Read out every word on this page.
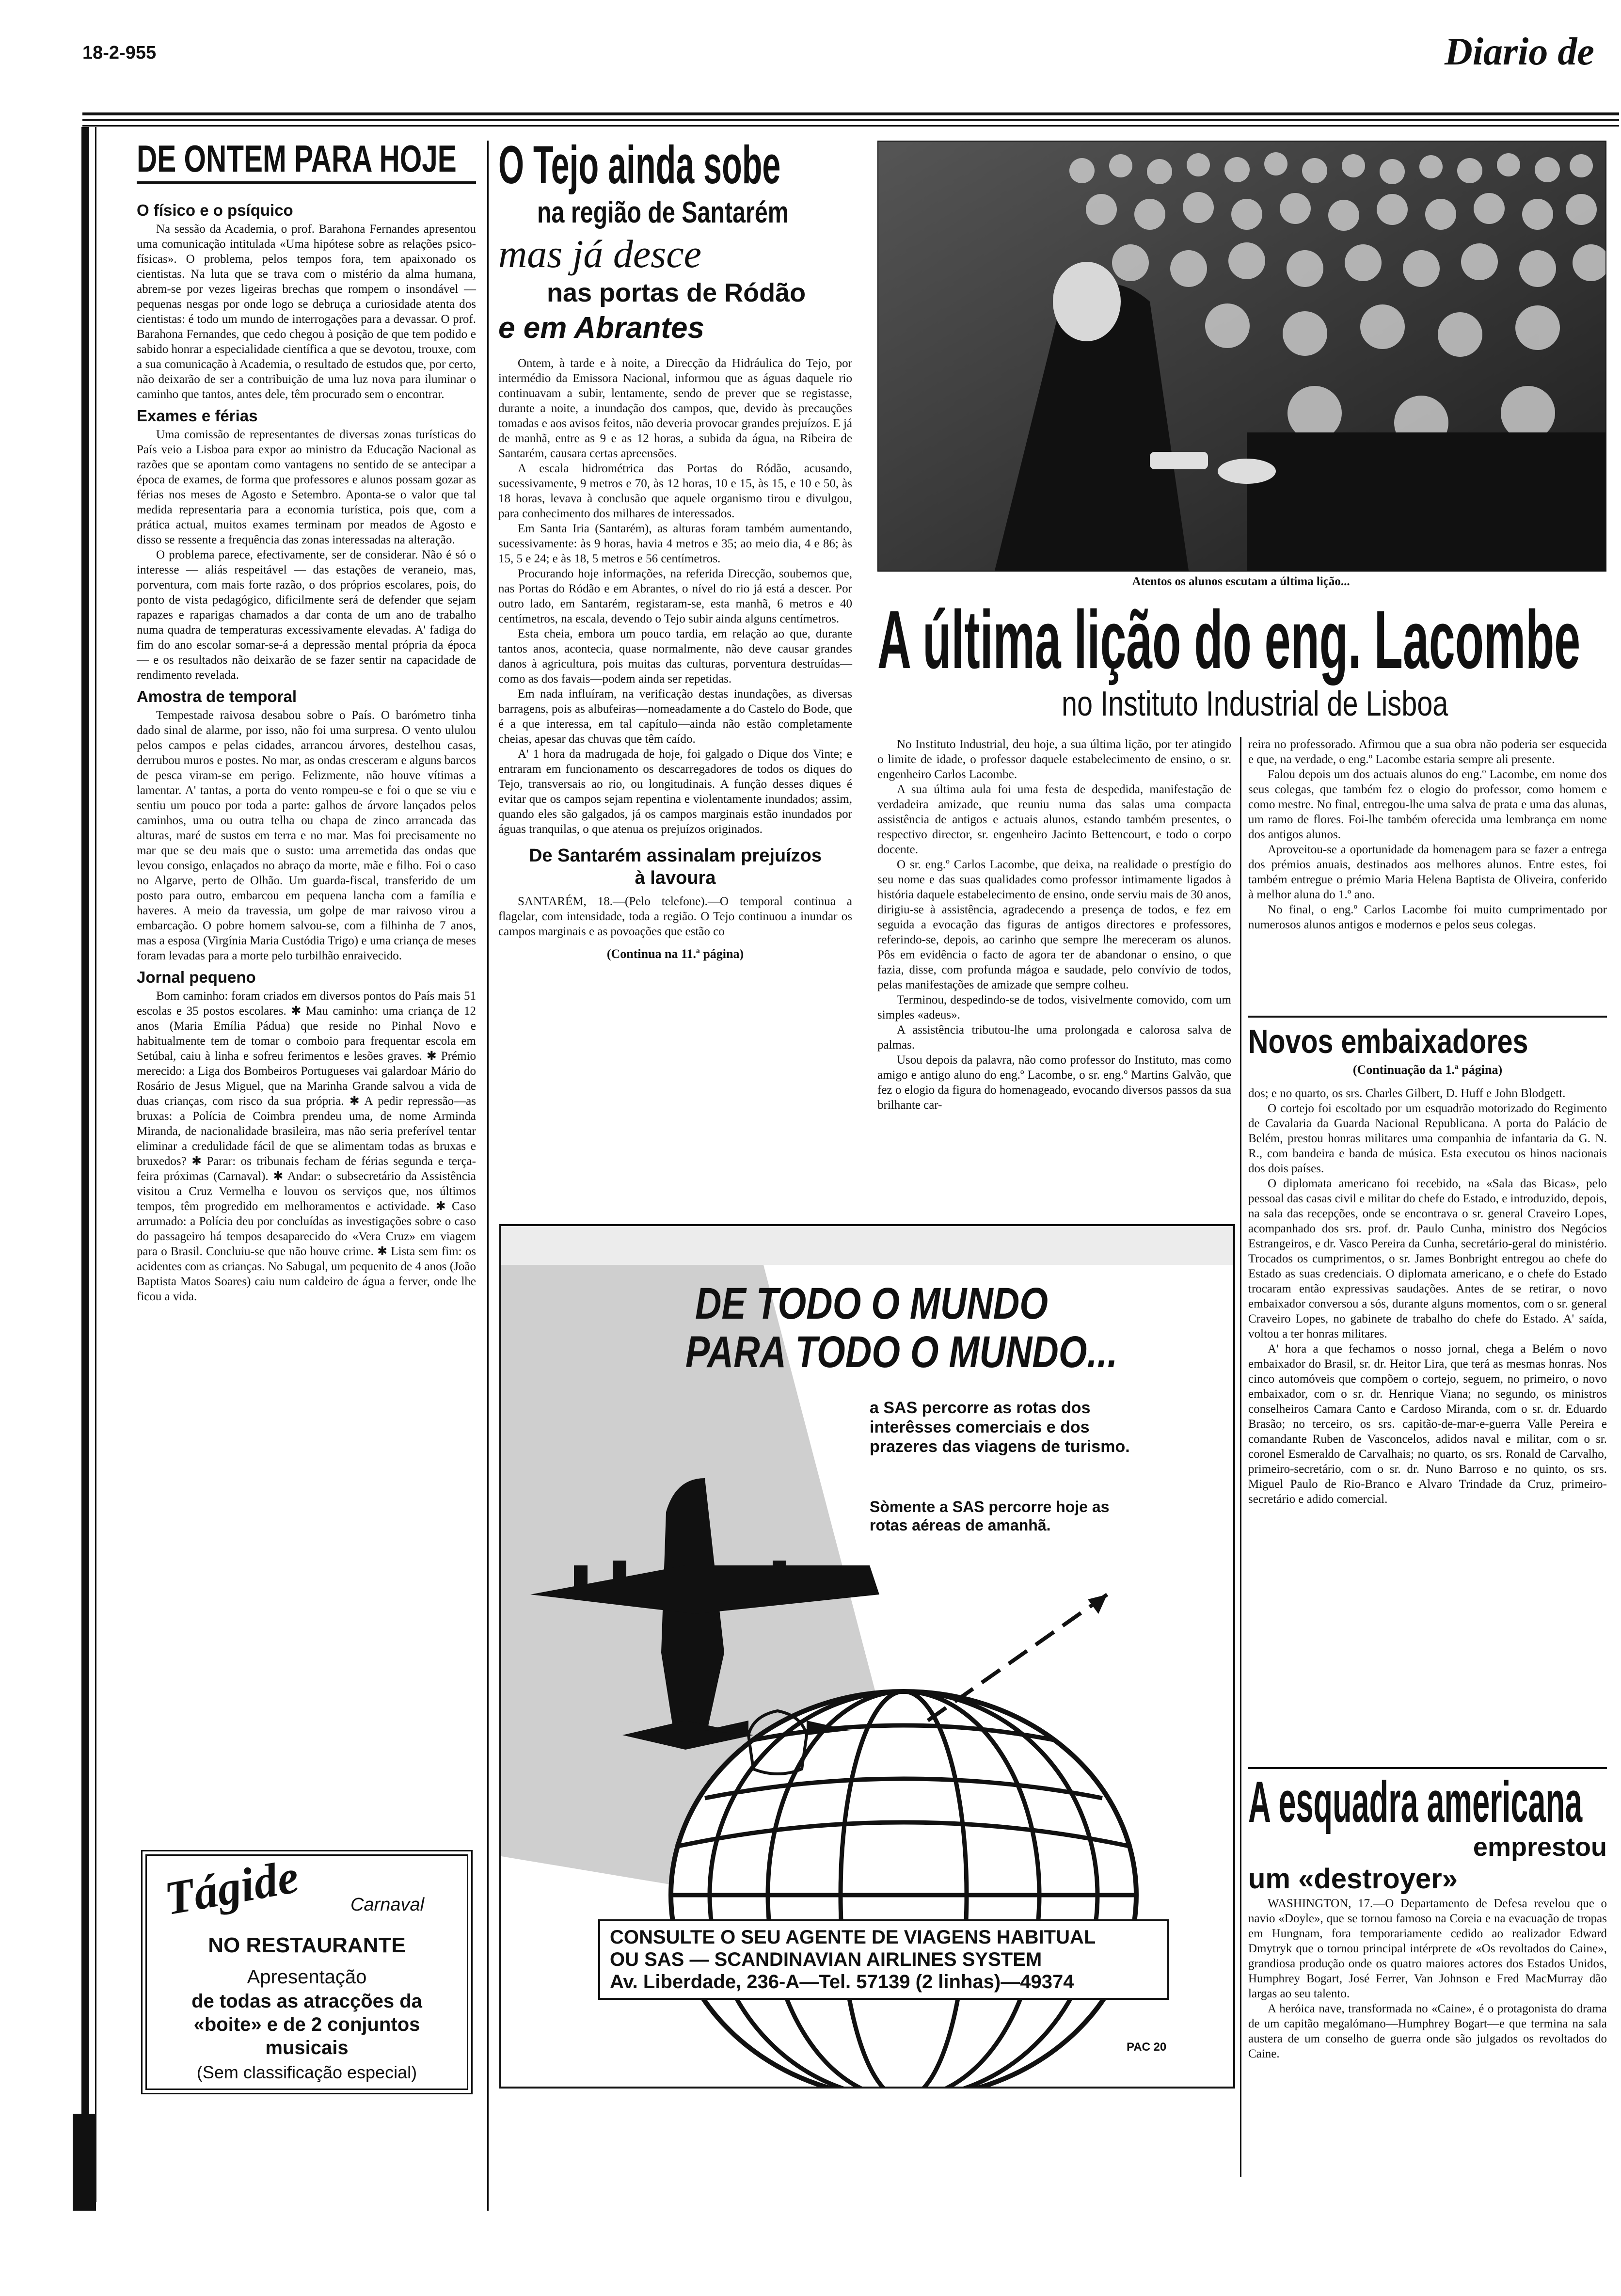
18-2-955	Diario de
DE ONTEM PARA HOJE
O físico e o psíquico

Na sessão da Academia, o prof. Barahona Fernandes apresentou uma comunicação intitulada «Uma hipótese sobre as relações psico-físicas». O problema, pelos tempos fora, tem apaixonado os cientistas. Na luta que se trava com o mistério da alma humana, abrem-se por vezes ligeiras brechas que rompem o insondável — pequenas nesgas por onde logo se debruça a curiosidade atenta dos cientistas: é todo um mundo de interrogações para a devassar. O prof. Barahona Fernandes, que cedo chegou à posição de que tem podido e sabido honrar a especialidade científica a que se devotou, trouxe, com a sua comunicação à Academia, o resultado de estudos que, por certo, não deixarão de ser a contribuição de uma luz nova para iluminar o caminho que tantos, antes dele, têm procurado sem o encontrar.

Exames e férias

Uma comissão de representantes de diversas zonas turísticas do País veio a Lisboa para expor ao ministro da Educação Nacional as razões que se apontam como vantagens no sentido de se antecipar a época de exames, de forma que professores e alunos possam gozar as férias nos meses de Agosto e Setembro. Aponta-se o valor que tal medida representaria para a economia turística, pois que, com a prática actual, muitos exames terminam por meados de Agosto e disso se ressente a frequência das zonas interessadas na alteração.

O problema parece, efectivamente, ser de considerar. Não é só o interesse — aliás respeitável — das estações de veraneio, mas, porventura, com mais forte razão, o dos próprios escolares, pois, do ponto de vista pedagógico, dificilmente será de defender que sejam rapazes e raparigas chamados a dar conta de um ano de trabalho numa quadra de temperaturas excessivamente elevadas. A' fadiga do fim do ano escolar somar-se-á a depressão mental própria da época — e os resultados não deixarão de se fazer sentir na capacidade de rendimento revelada.

Amostra de temporal

Tempestade raivosa desabou sobre o País. O barómetro tinha dado sinal de alarme, por isso, não foi uma surpresa. O vento ululou pelos campos e pelas cidades, arrancou árvores, destelhou casas, derrubou muros e postes. No mar, as ondas cresceram e alguns barcos de pesca viram-se em perigo. Felizmente, não houve vítimas a lamentar. A' tantas, a porta do vento rompeu-se e foi o que se viu e sentiu um pouco por toda a parte: galhos de árvore lançados pelos caminhos, uma ou outra telha ou chapa de zinco arrancada das alturas, maré de sustos em terra e no mar. Mas foi precisamente no mar que se deu mais que o susto: uma arremetida das ondas que levou consigo, enlaçados no abraço da morte, mãe e filho. Foi o caso no Algarve, perto de Olhão. Um guarda-fiscal, transferido de um posto para outro, embarcou em pequena lancha com a família e haveres. A meio da travessia, um golpe de mar raivoso virou a embarcação. O pobre homem salvou-se, com a filhinha de 7 anos, mas a esposa (Virgínia Maria Custódia Trigo) e uma criança de meses foram levadas para a morte pelo turbilhão enraivecido.

Jornal pequeno

Bom caminho: foram criados em diversos pontos do País mais 51 escolas e 35 postos escolares. ✱ Mau caminho: uma criança de 12 anos (Maria Emília Pádua) que reside no Pinhal Novo e habitualmente tem de tomar o comboio para frequentar escola em Setúbal, caiu à linha e sofreu ferimentos e lesões graves. ✱ Prémio merecido: a Liga dos Bombeiros Portugueses vai galardoar Mário do Rosário de Jesus Miguel, que na Marinha Grande salvou a vida de duas crianças, com risco da sua própria. ✱ A pedir repressão—as bruxas: a Polícia de Coimbra prendeu uma, de nome Arminda Miranda, de nacionalidade brasileira, mas não seria preferível tentar eliminar a credulidade fácil de que se alimentam todas as bruxas e bruxedos? ✱ Parar: os tribunais fecham de férias segunda e terça-feira próximas (Carnaval). ✱ Andar: o subsecretário da Assistência visitou a Cruz Vermelha e louvou os serviços que, nos últimos tempos, têm progredido em melhoramentos e actividade. ✱ Caso arrumado: a Polícia deu por concluídas as investigações sobre o caso do passageiro há tempos desaparecido do «Vera Cruz» em viagem para o Brasil. Concluiu-se que não houve crime. ✱ Lista sem fim: os acidentes com as crianças. No Sabugal, um pequenito de 4 anos (João Baptista Matos Soares) caiu num caldeiro de água a ferver, onde lhe ficou a vida.

Tágide	Carnaval
NO RESTAURANTE
Apresentação
de todas as atracções da
«boite» e de 2 conjuntos
musicais
(Sem classificação especial)
O Tejo ainda sobe
na região de Santarém
mas já desce
nas portas de Ródão
e em Abrantes

Ontem, à tarde e à noite, a Direcção da Hidráulica do Tejo, por intermédio da Emissora Nacional, informou que as águas daquele rio continuavam a subir, lentamente, sendo de prever que se registasse, durante a noite, a inundação dos campos, que, devido às precauções tomadas e aos avisos feitos, não deveria provocar grandes prejuízos. E já de manhã, entre as 9 e as 12 horas, a subida da água, na Ribeira de Santarém, causara certas apreensões.

A escala hidrométrica das Portas do Ródão, acusando, sucessivamente, 9 metros e 70, às 12 horas, 10 e 15, às 15, e 10 e 50, às 18 horas, levava à conclusão que aquele organismo tirou e divulgou, para conhecimento dos milhares de interessados.

Em Santa Iria (Santarém), as alturas foram também aumentando, sucessivamente: às 9 horas, havia 4 metros e 35; ao meio dia, 4 e 86; às 15, 5 e 24; e às 18, 5 metros e 56 centímetros.

Procurando hoje informações, na referida Direcção, soubemos que, nas Portas do Ródão e em Abrantes, o nível do rio já está a descer. Por outro lado, em Santarém, registaram-se, esta manhã, 6 metros e 40 centímetros, na escala, devendo o Tejo subir ainda alguns centímetros.

Esta cheia, embora um pouco tardia, em relação ao que, durante tantos anos, acontecia, quase normalmente, não deve causar grandes danos à agricultura, pois muitas das culturas, porventura destruídas—como as dos favais—podem ainda ser repetidas.

Em nada influíram, na verificação destas inundações, as diversas barragens, pois as albufeiras—nomeadamente a do Castelo do Bode, que é a que interessa, em tal capítulo—ainda não estão completamente cheias, apesar das chuvas que têm caído.

A' 1 hora da madrugada de hoje, foi galgado o Dique dos Vinte; e entraram em funcionamento os descarregadores de todos os diques do Tejo, transversais ao rio, ou longitudinais. A função desses diques é evitar que os campos sejam repentina e violentamente inundados; assim, quando eles são galgados, já os campos marginais estão inundados por águas tranquilas, o que atenua os prejuízos originados.

De Santarém assinalam prejuízos à lavoura

SANTARÉM, 18.—(Pelo telefone).—O temporal continua a flagelar, com intensidade, toda a região. O Tejo continuou a inundar os campos marginais e as povoações que estão co

(Continua na 11.ª página)
Atentos os alunos escutam a última lição...
A última lição do eng. Lacombe
no Instituto Industrial de Lisboa

No Instituto Industrial, deu hoje, a sua última lição, por ter atingido o limite de idade, o professor daquele estabelecimento de ensino, o sr. engenheiro Carlos Lacombe.

A sua última aula foi uma festa de despedida, manifestação de verdadeira amizade, que reuniu numa das salas uma compacta assistência de antigos e actuais alunos, estando também presentes, o respectivo director, sr. engenheiro Jacinto Bettencourt, e todo o corpo docente.

O sr. eng.º Carlos Lacombe, que deixa, na realidade o prestígio do seu nome e das suas qualidades como professor intimamente ligados à história daquele estabelecimento de ensino, onde serviu mais de 30 anos, dirigiu-se à assistência, agradecendo a presença de todos, e fez em seguida a evocação das figuras de antigos directores e professores, referindo-se, depois, ao carinho que sempre lhe mereceram os alunos. Pôs em evidência o facto de agora ter de abandonar o ensino, o que fazia, disse, com profunda mágoa e saudade, pelo convívio de todos, pelas manifestações de amizade que sempre colheu.

Terminou, despedindo-se de todos, visivelmente comovido, com um simples «adeus».

A assistência tributou-lhe uma prolongada e calorosa salva de palmas.

Usou depois da palavra, não como professor do Instituto, mas como amigo e antigo aluno do eng.º Lacombe, o sr. eng.º Martins Galvão, que fez o elogio da figura do homenageado, evocando diversos passos da sua brilhante car-

reira no professorado. Afirmou que a sua obra não poderia ser esquecida e que, na verdade, o eng.º Lacombe estaria sempre ali presente.

Falou depois um dos actuais alunos do eng.º Lacombe, em nome dos seus colegas, que também fez o elogio do professor, como homem e como mestre. No final, entregou-lhe uma salva de prata e uma das alunas, um ramo de flores. Foi-lhe também oferecida uma lembrança em nome dos antigos alunos.

Aproveitou-se a oportunidade da homenagem para se fazer a entrega dos prémios anuais, destinados aos melhores alunos. Entre estes, foi também entregue o prémio Maria Helena Baptista de Oliveira, conferido à melhor aluna do 1.º ano.

No final, o eng.º Carlos Lacombe foi muito cumprimentado por numerosos alunos antigos e modernos e pelos seus colegas.

Novos embaixadores
(Continuação da 1.ª página)

dos; e no quarto, os srs. Charles Gilbert, D. Huff e John Blodgett.

O cortejo foi escoltado por um esquadrão motorizado do Regimento de Cavalaria da Guarda Nacional Republicana. A porta do Palácio de Belém, prestou honras militares uma companhia de infantaria da G. N. R., com bandeira e banda de música. Esta executou os hinos nacionais dos dois países.

O diplomata americano foi recebido, na «Sala das Bicas», pelo pessoal das casas civil e militar do chefe do Estado, e introduzido, depois, na sala das recepções, onde se encontrava o sr. general Craveiro Lopes, acompanhado dos srs. prof. dr. Paulo Cunha, ministro dos Negócios Estrangeiros, e dr. Vasco Pereira da Cunha, secretário-geral do ministério. Trocados os cumprimentos, o sr. James Bonbright entregou ao chefe do Estado as suas credenciais. O diplomata americano, e o chefe do Estado trocaram então expressivas saudações. Antes de se retirar, o novo embaixador conversou a sós, durante alguns momentos, com o sr. general Craveiro Lopes, no gabinete de trabalho do chefe do Estado. A' saída, voltou a ter honras militares.

A' hora a que fechamos o nosso jornal, chega a Belém o novo embaixador do Brasil, sr. dr. Heitor Lira, que terá as mesmas honras. Nos cinco automóveis que compõem o cortejo, seguem, no primeiro, o novo embaixador, com o sr. dr. Henrique Viana; no segundo, os ministros conselheiros Camara Canto e Cardoso Miranda, com o sr. dr. Eduardo Brasão; no terceiro, os srs. capitão-de-mar-e-guerra Valle Pereira e comandante Ruben de Vasconcelos, adidos naval e militar, com o sr. coronel Esmeraldo de Carvalhais; no quarto, os srs. Ronald de Carvalho, primeiro-secretário, com o sr. dr. Nuno Barroso e no quinto, os srs. Miguel Paulo de Rio-Branco e Alvaro Trindade da Cruz, primeiro-secretário e adido comercial.

A esquadra americana
emprestou
um «destroyer»

WASHINGTON, 17.—O Departamento de Defesa revelou que o navio «Doyle», que se tornou famoso na Coreia e na evacuação de tropas em Hungnam, fora temporariamente cedido ao realizador Edward Dmytryk que o tornou principal intérprete de «Os revoltados do Caine», grandiosa produção onde os quatro maiores actores dos Estados Unidos, Humphrey Bogart, José Ferrer, Van Johnson e Fred MacMurray dão largas ao seu talento.

A heróica nave, transformada no «Caine», é o protagonista do drama de um capitão megalómano—Humphrey Bogart—e que termina na sala austera de um conselho de guerra onde são julgados os revoltados do Caine.

DE TODO O MUNDO
PARA TODO O MUNDO...
a SAS percorre as rotas dos interêsses comerciais e dos prazeres das viagens de turismo.
Sòmente a SAS percorre hoje as rotas aéreas de amanhã.
CONSULTE O SEU AGENTE DE VIAGENS HABITUAL
OU SAS — SCANDINAVIAN AIRLINES SYSTEM
Av. Liberdade, 236-A—Tel. 57139 (2 linhas)—49374
PAC 20
